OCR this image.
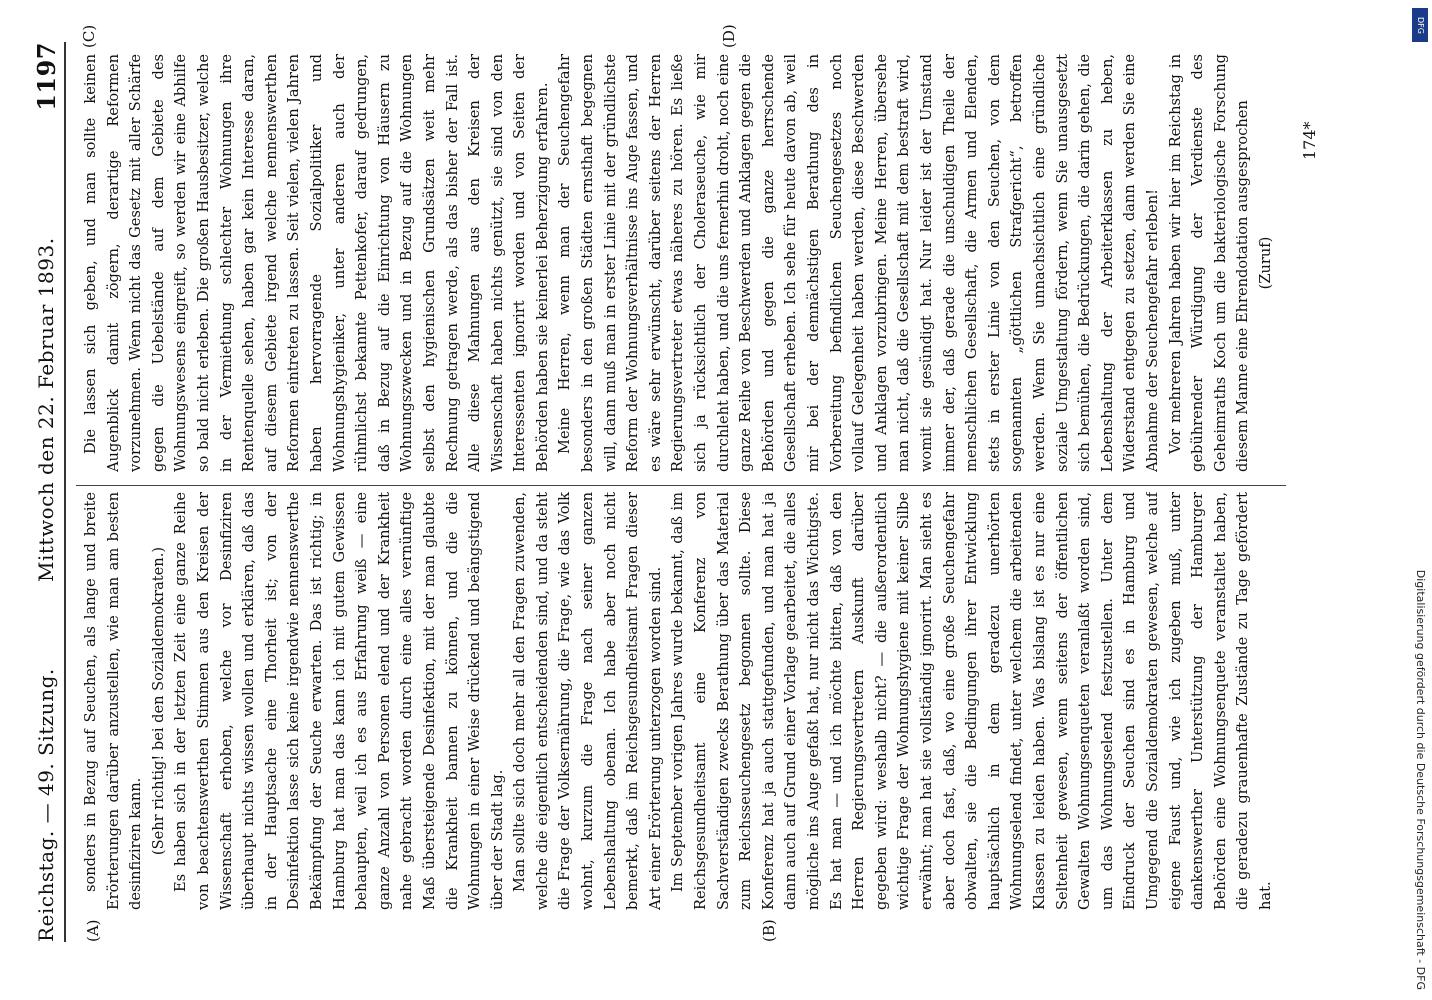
Reichstag. — 49. Sitzung.
Mittwoch den 22. Februar 1893.
1197

sonders in Bezug auf Seuchen, als lange und breite Erörterungen darüber anzustellen, wie man am besten desinfiziren kann. (Sehr richtig! bei den Sozialdemokraten.) Es haben sich in der letzten Zeit eine ganze Reihe von beachtenswerthen Stimmen aus den Kreisen der Wissenschaft erhoben, welche vor Desinfiziren überhaupt nichts wissen wollen und erklären, daß das in der Hauptsache eine Thorheit ist; von der Desinfektion lasse sich keine irgendwie nennenswerthe Bekämpfung der Seuche erwarten. Das ist richtig; in Hamburg hat man das kann ich mit gutem Gewissen behaupten, weil ich es aus Erfahrung weiß — eine ganze Anzahl von Personen elend und der Krankheit nahe gebracht worden durch eine alles vernünftige Maß übersteigende Desinfektion, mit der man glaubte die Krankheit bannen zu können, und die die Wohnungen in einer Weise drückend und beängstigend über der Stadt lag. Man sollte sich doch mehr all den Fragen zuwenden, welche die eigentlich entscheidenden sind, und da steht die Frage der Volksernährung, die Frage, wie das Volk wohnt, kurzum die Frage nach seiner ganzen Lebenshaltung obenan. Ich habe aber noch nicht bemerkt, daß im Reichsgesundheitsamt Fragen dieser Art einer Erörterung unterzogen worden sind. Im September vorigen Jahres wurde bekannt, daß im Reichsgesundheitsamt eine Konferenz von Sachverständigen zwecks Berathung über das Material zum Reichsseuchengesetz begonnen sollte. Diese Konferenz hat ja auch stattgefunden, und man hat ja dann auch auf Grund einer Vorlage gearbeitet, die alles mögliche ins Auge gefaßt hat, nur nicht das Wichtigste. Es hat man — und ich möchte bitten, daß von den Herren Regierungsvertretern Auskunft darüber gegeben wird: weshalb nicht? — die außerordentlich wichtige Frage der Wohnungshygiene mit keiner Silbe erwähnt; man hat sie vollständig ignorirt. Man sieht es aber doch fast, daß, wo eine große Seuchengefahr obwalten, sie die Bedingungen ihrer Entwicklung hauptsächlich in dem geradezu unerhörten Wohnungselend findet, unter welchem die arbeitenden Klassen zu leiden haben. Was bislang ist es nur eine Seltenheit gewesen, wenn seitens der öffentlichen Gewalten Wohnungsenqueten veranlaßt worden sind, um das Wohnungselend festzustellen. Unter dem Eindruck der Seuchen sind es in Hamburg und Umgegend die Sozialdemokraten gewesen, welche auf eigene Faust und, wie ich zugeben muß, unter dankenswerther Unterstützung der Hamburger Behörden eine Wohnungsenquete veranstaltet haben, die geradezu grauenhafte Zustände zu Tage gefördert hat.

Die lassen sich geben, und man sollte keinen Augenblick damit zögern, derartige Reformen vorzunehmen. Wenn nicht das Gesetz mit aller Schärfe gegen die Uebelstände auf dem Gebiete des Wohnungswesens eingreift, so werden wir eine Abhilfe so bald nicht erleben. Die großen Hausbesitzer, welche in der Vermiethung schlechter Wohnungen ihre Rentenquelle sehen, haben gar kein Interesse daran, auf diesem Gebiete irgend welche nennenswerthen Reformen eintreten zu lassen. Seit vielen, vielen Jahren haben hervorragende Sozialpolitiker und Wohnungshygieniker, unter anderen auch der rühmlichst bekannte Pettenkofer, darauf gedrungen, daß in Bezug auf die Einrichtung von Häusern zu Wohnungszwecken und in Bezug auf die Wohnungen selbst den hygienischen Grundsätzen weit mehr Rechnung getragen werde, als das bisher der Fall ist. Alle diese Mahnungen aus den Kreisen der Wissenschaft haben nichts genützt, sie sind von den Interessenten ignorirt worden und von Seiten der Behörden haben sie keinerlei Beherzigung erfahren. Meine Herren, wenn man der Seuchengefahr besonders in den großen Städten ernsthaft begegnen will, dann muß man in erster Linie mit der gründlichste Reform der Wohnungsverhältnisse ins Auge fassen, und es wäre sehr erwünscht, darüber seitens der Herren Regierungsvertreter etwas näheres zu hören. Es ließe sich ja rücksichtlich der Choleraseuche, wie mir durchleht haben, und die uns fernerhin droht, noch eine ganze Reihe von Beschwerden und Anklagen gegen die Behörden und gegen die ganze herrschende Gesellschaft erheben. Ich sehe für heute davon ab, weil mir bei der demnächstigen Berathung des in Vorbereitung befindlichen Seuchengesetzes noch vollauf Gelegenheit haben werden, diese Beschwerden und Anklagen vorzubringen. Meine Herren, übersehe man nicht, daß die Gesellschaft mit dem bestraft wird, womit sie gesündigt hat. Nur leider ist der Umstand immer der, daß gerade die unschuldigen Theile der menschlichen Gesellschaft, die Armen und Elenden, stets in erster Linie von den Seuchen, von dem sogenannten „göttlichen Strafgericht“, betroffen werden. Wenn Sie unnachsichtlich eine gründliche soziale Umgestaltung fördern, wenn Sie unausgesetzt sich bemühen, die Bedrückungen, die darin gehen, die Lebenshaltung der Arbeiterklassen zu heben, Widerstand entgegen zu setzen, dann werden Sie eine Abnahme der Seuchengefahr erleben! Vor mehreren Jahren haben wir hier im Reichstag in gebührender Würdigung der Verdienste des Geheimraths Koch um die bakteriologische Forschung diesem Manne eine Ehrendotation ausgesprochen (Zuruf)

(A)	(B)
(C)	(D)
174*
Digitalisierung gefördert durch die Deutsche Forschungsgemeinschaft - DFG
DFG
